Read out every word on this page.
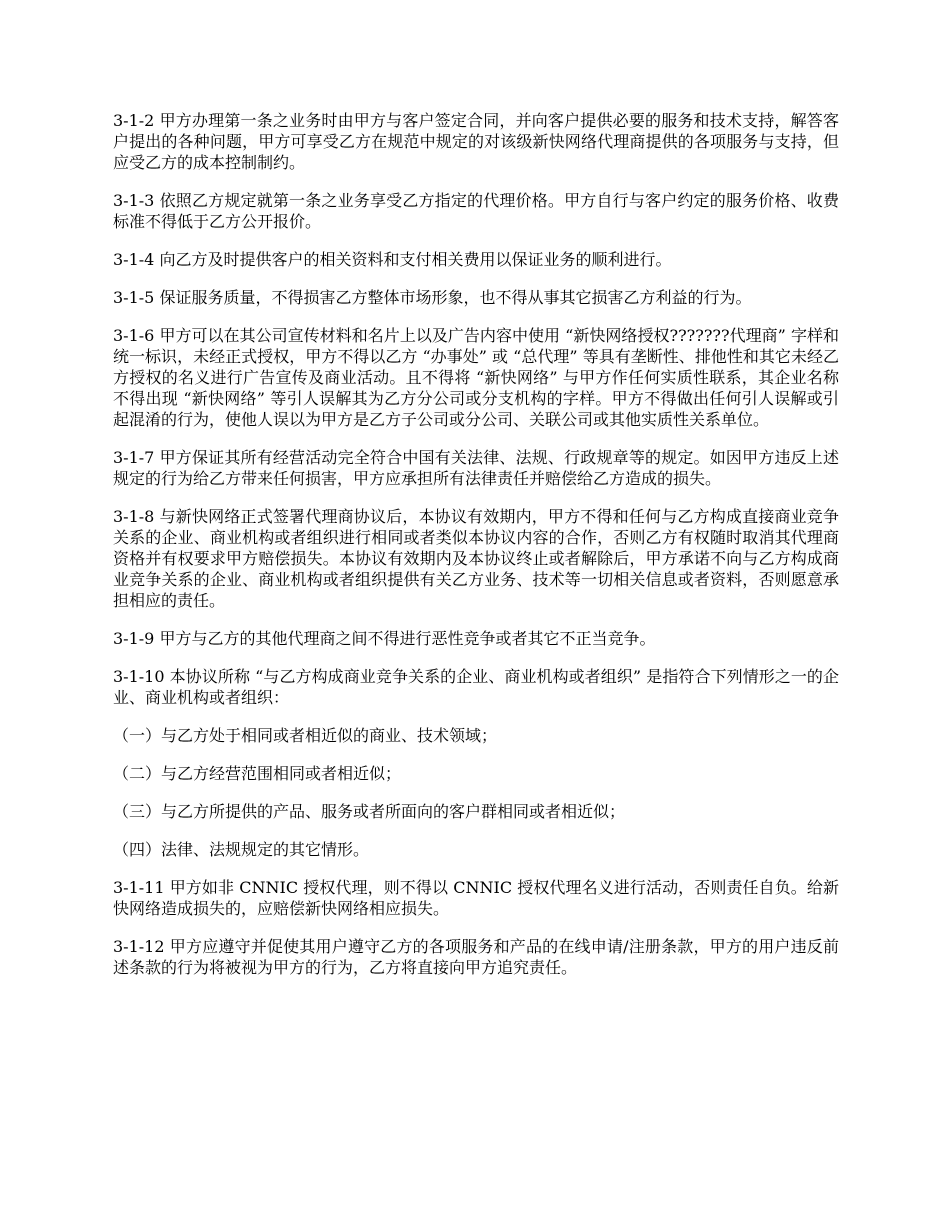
3-1-2 甲方办理第一条之业务时由甲方与客户签定合同，并向客户提供必要的服务和技术支持，解答客户提出的各种问题，甲方可享受乙方在规范中规定的对该级新快网络代理商提供的各项服务与支持，但应受乙方的成本控制制约。

3-1-3 依照乙方规定就第一条之业务享受乙方指定的代理价格。甲方自行与客户约定的服务价格、收费标准不得低于乙方公开报价。

3-1-4 向乙方及时提供客户的相关资料和支付相关费用以保证业务的顺利进行。

3-1-5 保证服务质量，不得损害乙方整体市场形象，也不得从事其它损害乙方利益的行为。

3-1-6 甲方可以在其公司宣传材料和名片上以及广告内容中使用 “新快网络授权???????代理商” 字样和统一标识，未经正式授权，甲方不得以乙方 “办事处” 或 “总代理” 等具有垄断性、排他性和其它未经乙方授权的名义进行广告宣传及商业活动。且不得将 “新快网络” 与甲方作任何实质性联系，其企业名称不得出现 “新快网络” 等引人误解其为乙方分公司或分支机构的字样。甲方不得做出任何引人误解或引起混淆的行为，使他人误以为甲方是乙方子公司或分公司、关联公司或其他实质性关系单位。

3-1-7 甲方保证其所有经营活动完全符合中国有关法律、法规、行政规章等的规定。如因甲方违反上述规定的行为给乙方带来任何损害，甲方应承担所有法律责任并赔偿给乙方造成的损失。

3-1-8 与新快网络正式签署代理商协议后，本协议有效期内，甲方不得和任何与乙方构成直接商业竞争关系的企业、商业机构或者组织进行相同或者类似本协议内容的合作，否则乙方有权随时取消其代理商资格并有权要求甲方赔偿损失。本协议有效期内及本协议终止或者解除后，甲方承诺不向与乙方构成商业竞争关系的企业、商业机构或者组织提供有关乙方业务、技术等一切相关信息或者资料，否则愿意承担相应的责任。

3-1-9 甲方与乙方的其他代理商之间不得进行恶性竞争或者其它不正当竞争。

3-1-10 本协议所称 “与乙方构成商业竞争关系的企业、商业机构或者组织” 是指符合下列情形之一的企业、商业机构或者组织：

（一）与乙方处于相同或者相近似的商业、技术领域；

（二）与乙方经营范围相同或者相近似；

（三）与乙方所提供的产品、服务或者所面向的客户群相同或者相近似；

（四）法律、法规规定的其它情形。

3-1-11 甲方如非 CNNIC 授权代理，则不得以 CNNIC 授权代理名义进行活动，否则责任自负。给新快网络造成损失的，应赔偿新快网络相应损失。

3-1-12 甲方应遵守并促使其用户遵守乙方的各项服务和产品的在线申请/注册条款，甲方的用户违反前述条款的行为将被视为甲方的行为，乙方将直接向甲方追究责任。
